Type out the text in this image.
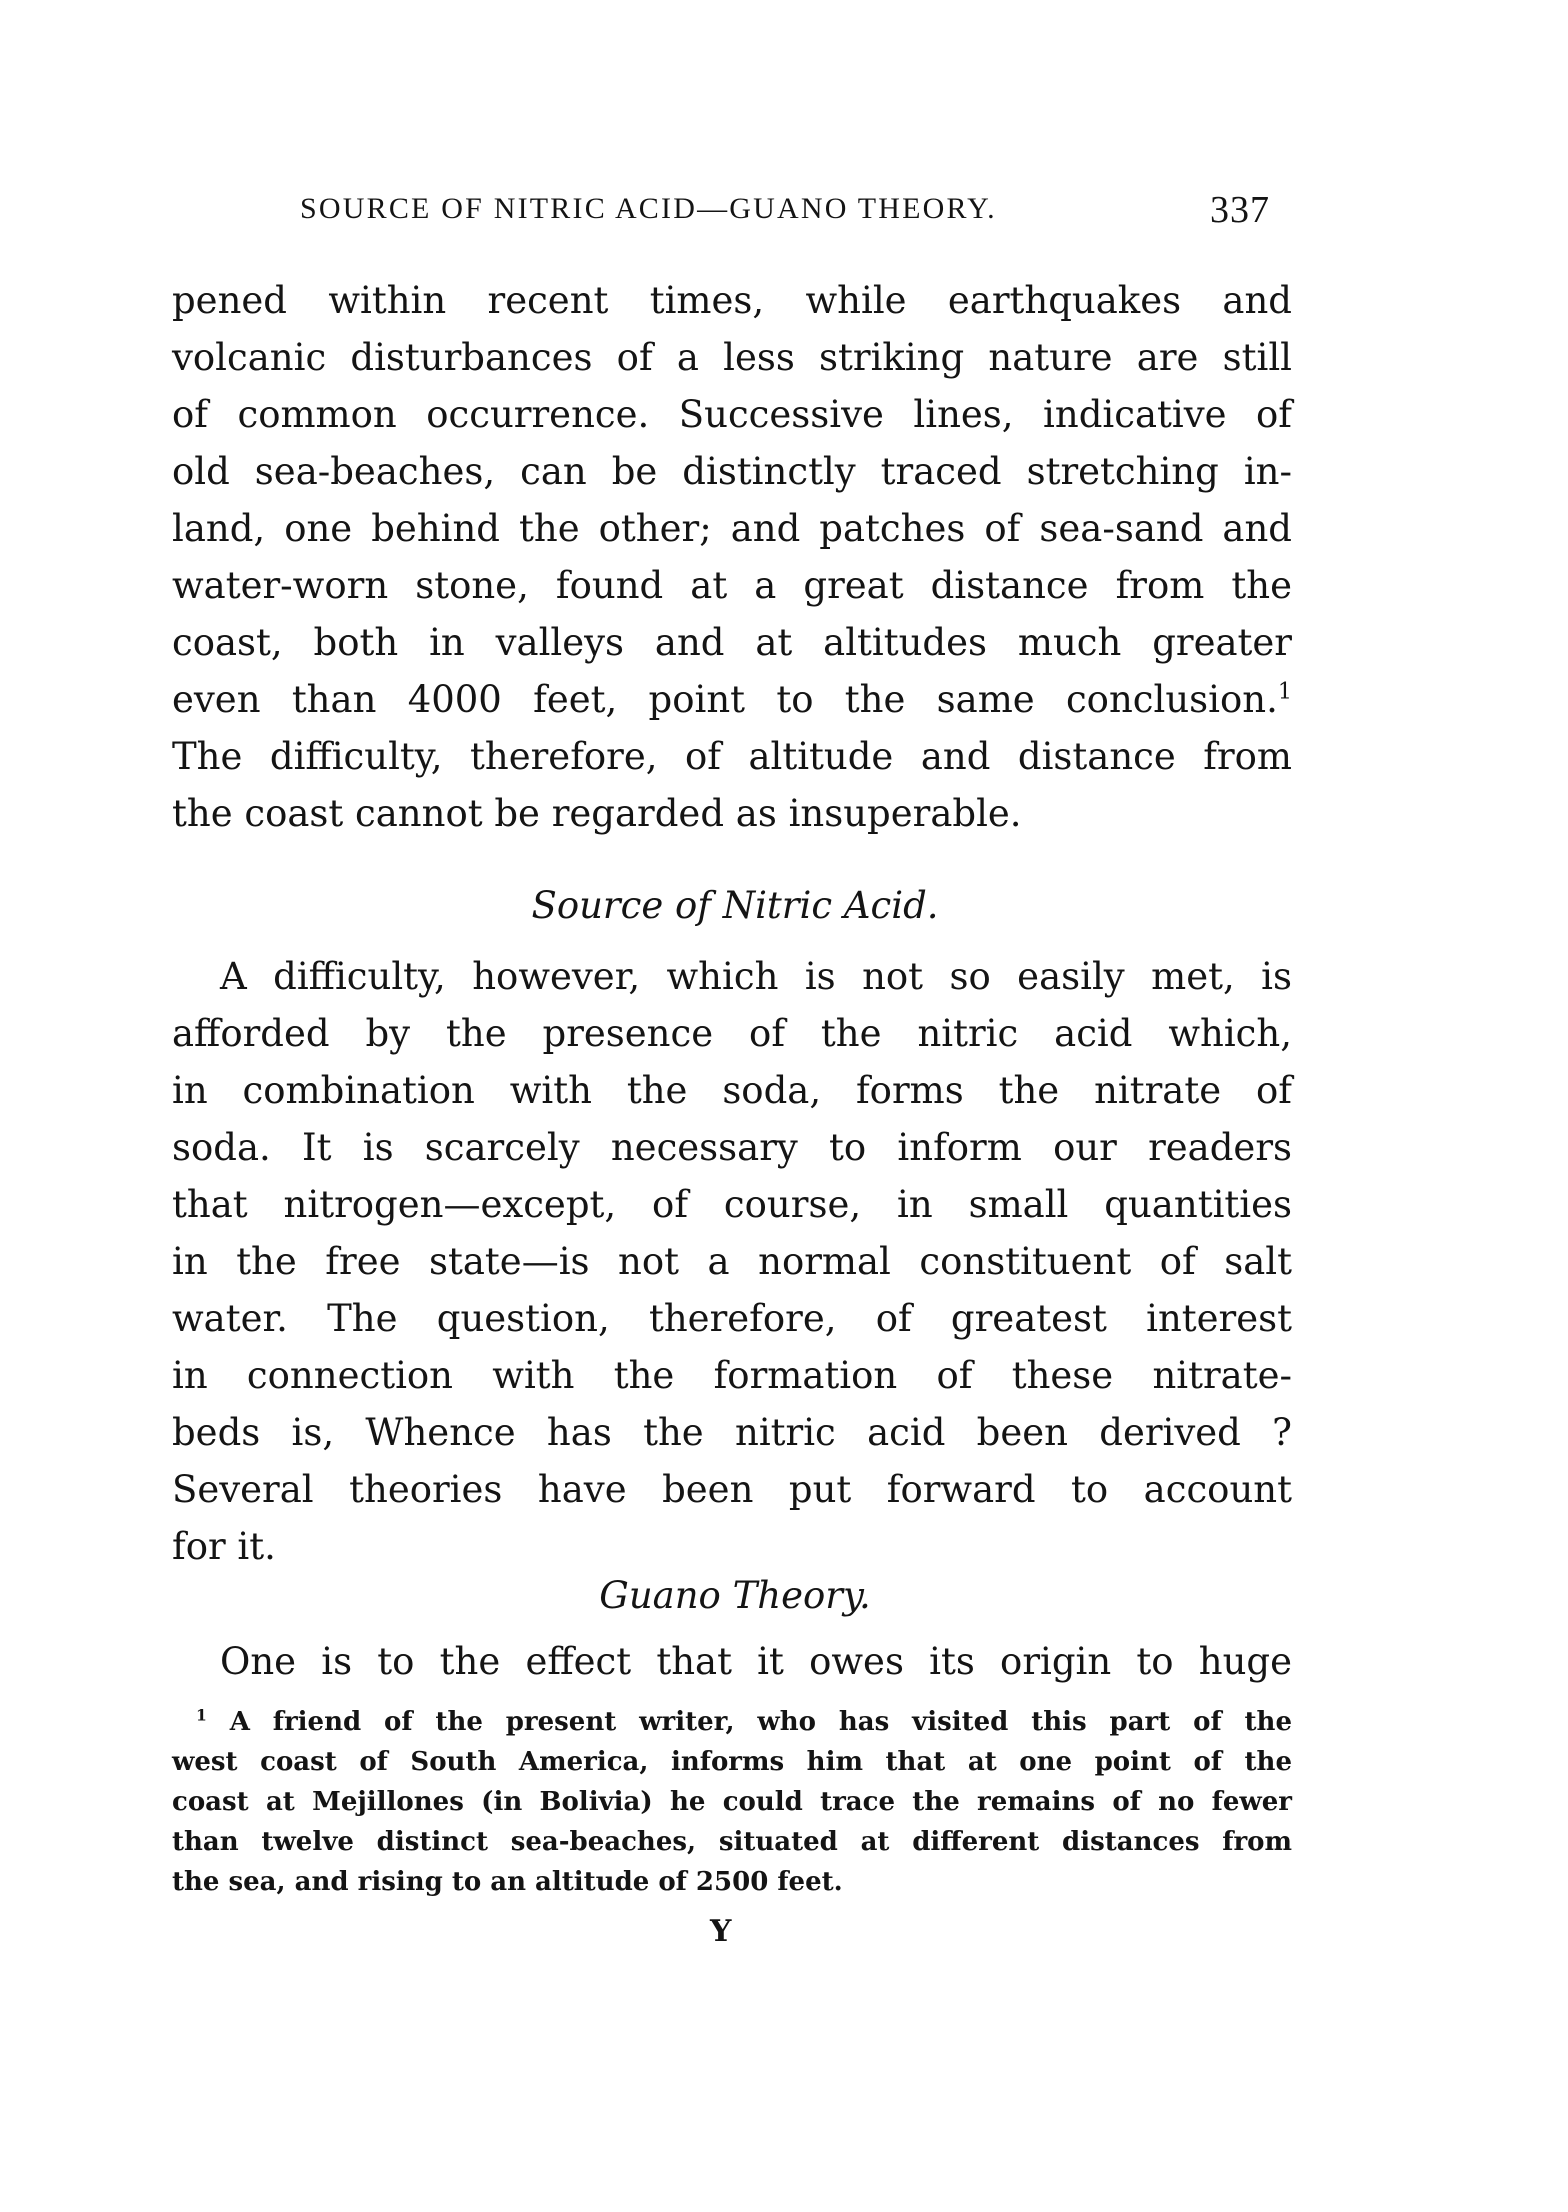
SOURCE OF NITRIC ACID—GUANO THEORY.	337
pened within recent times, while earthquakes and
volcanic disturbances of a less striking nature are still
of common occurrence. Successive lines, indicative of
old sea-beaches, can be distinctly traced stretching in-
land, one behind the other; and patches of sea-sand and
water-worn stone, found at a great distance from the
coast, both in valleys and at altitudes much greater
even than 4000 feet, point to the same conclusion.$^1$
The difficulty, therefore, of altitude and distance from
the coast cannot be regarded as insuperable.
Source of Nitric Acid.
A difficulty, however, which is not so easily met, is
afforded by the presence of the nitric acid which,
in combination with the soda, forms the nitrate of
soda. It is scarcely necessary to inform our readers
that nitrogen—except, of course, in small quantities
in the free state—is not a normal constituent of salt
water. The question, therefore, of greatest interest
in connection with the formation of these nitrate-
beds is, Whence has the nitric acid been derived ?
Several theories have been put forward to account
for it.
Guano Theory.
One is to the effect that it owes its origin to huge
$^1$ A friend of the present writer, who has visited this part of the
west coast of South America, informs him that at one point of the
coast at Mejillones (in Bolivia) he could trace the remains of no fewer
than twelve distinct sea-beaches, situated at different distances from
the sea, and rising to an altitude of 2500 feet.
Y
